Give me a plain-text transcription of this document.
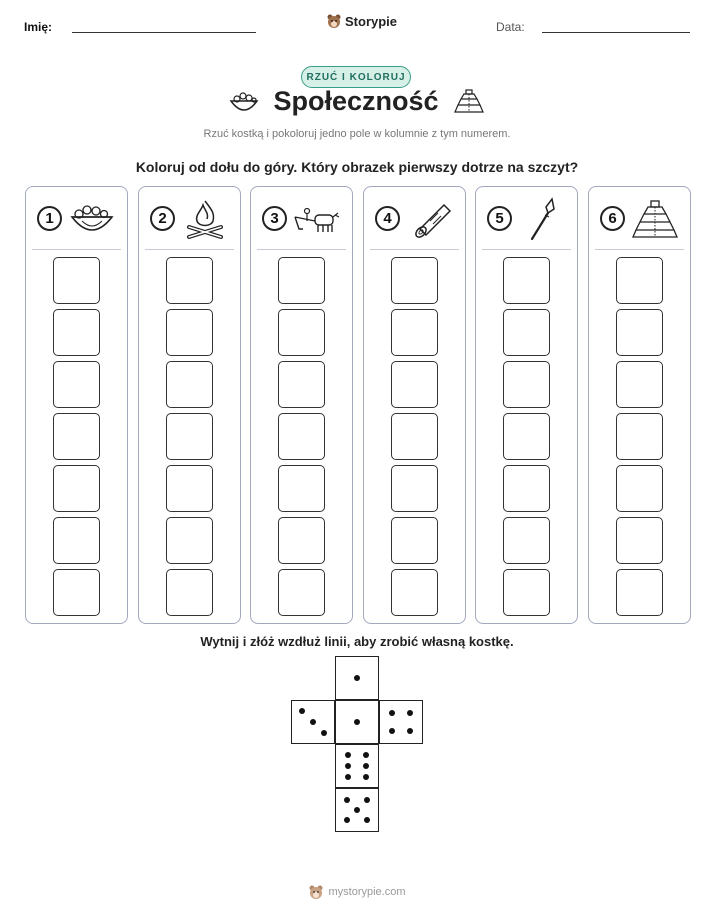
Imię:	Storypie	Data:
RZUĆ I KOLORUJ
Społeczność
Rzuć kostką i pokoloruj jedno pole w kolumnie z tym numerem.
Koloruj od dołu do góry. Który obrazek pierwszy dotrze na szczyt?
1	2	3	4	5	6
Wytnij i złóż wzdłuż linii, aby zrobić własną kostkę.
mystorypie.com
